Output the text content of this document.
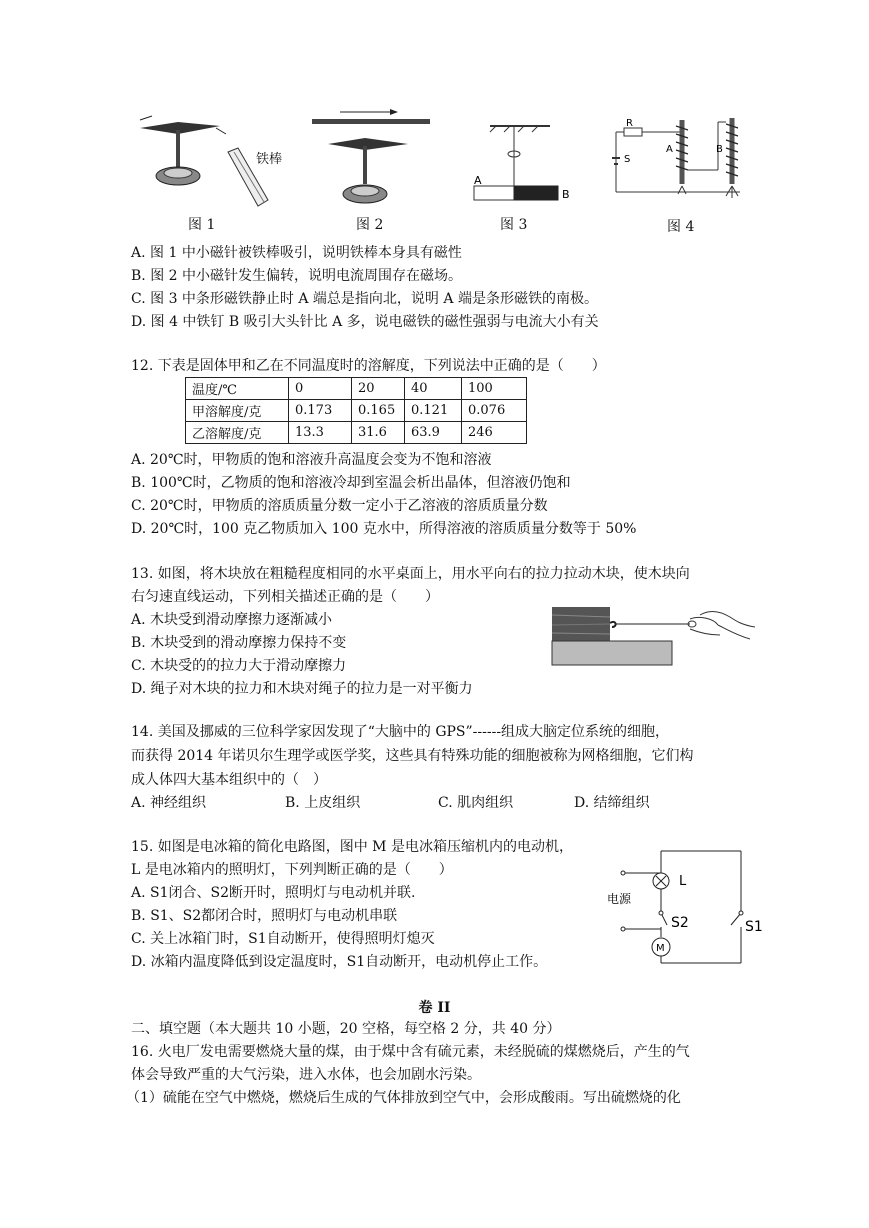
铁棒
图 1	图 2
A
B
图 3
R
S
A	B
图 4
A. 图 1 中小磁针被铁棒吸引，说明铁棒本身具有磁性
B. 图 2 中小磁针发生偏转，说明电流周围存在磁场。
C. 图 3 中条形磁铁静止时 A 端总是指向北，说明 A 端是条形磁铁的南极。
D. 图 4 中铁钉 B 吸引大头针比 A 多，说电磁铁的磁性强弱与电流大小有关
12. 下表是固体甲和乙在不同温度时的溶解度，下列说法中正确的是（　　）
温度/℃	0	20	40	100
甲溶解度/克	0.173	0.165	0.121	0.076
乙溶解度/克	13.3	31.6	63.9	246
A. 20℃时，甲物质的饱和溶液升高温度会变为不饱和溶液
B. 100℃时，乙物质的饱和溶液冷却到室温会析出晶体，但溶液仍饱和
C. 20℃时，甲物质的溶质质量分数一定小于乙溶液的溶质质量分数
D. 20℃时，100 克乙物质加入 100 克水中，所得溶液的溶质质量分数等于 50%
13. 如图，将木块放在粗糙程度相同的水平桌面上，用水平向右的拉力拉动木块，使木块向
右匀速直线运动，下列相关描述正确的是（　　）
A. 木块受到滑动摩擦力逐渐减小
B. 木块受到的滑动摩擦力保持不变
C. 木块受的的拉力大于滑动摩擦力
D. 绳子对木块的拉力和木块对绳子的拉力是一对平衡力
14. 美国及挪威的三位科学家因发现了“大脑中的 GPS”------组成大脑定位系统的细胞，
而获得 2014 年诺贝尔生理学或医学奖，这些具有特殊功能的细胞被称为网格细胞，它们构
成人体四大基本组织中的（　）
A. 神经组织	B. 上皮组织	C. 肌肉组织	D. 结缔组织
15. 如图是电冰箱的简化电路图，图中 M 是电冰箱压缩机内的电动机，
L 是电冰箱内的照明灯，下列判断正确的是（　　）
A. S1闭合、S2断开时，照明灯与电动机并联.
B. S1、S2都闭合时，照明灯与电动机串联
C. 关上冰箱门时，S1自动断开，使得照明灯熄灭
D. 冰箱内温度降低到设定温度时，S1自动断开，电动机停止工作。
电源
L
M
S2	S1
卷 II
二、填空题（本大题共 10 小题，20 空格，每空格 2 分，共 40 分）
16. 火电厂发电需要燃烧大量的煤，由于煤中含有硫元素，未经脱硫的煤燃烧后，产生的气
体会导致严重的大气污染，进入水体，也会加剧水污染。
（1）硫能在空气中燃烧，燃烧后生成的气体排放到空气中，会形成酸雨。写出硫燃烧的化
